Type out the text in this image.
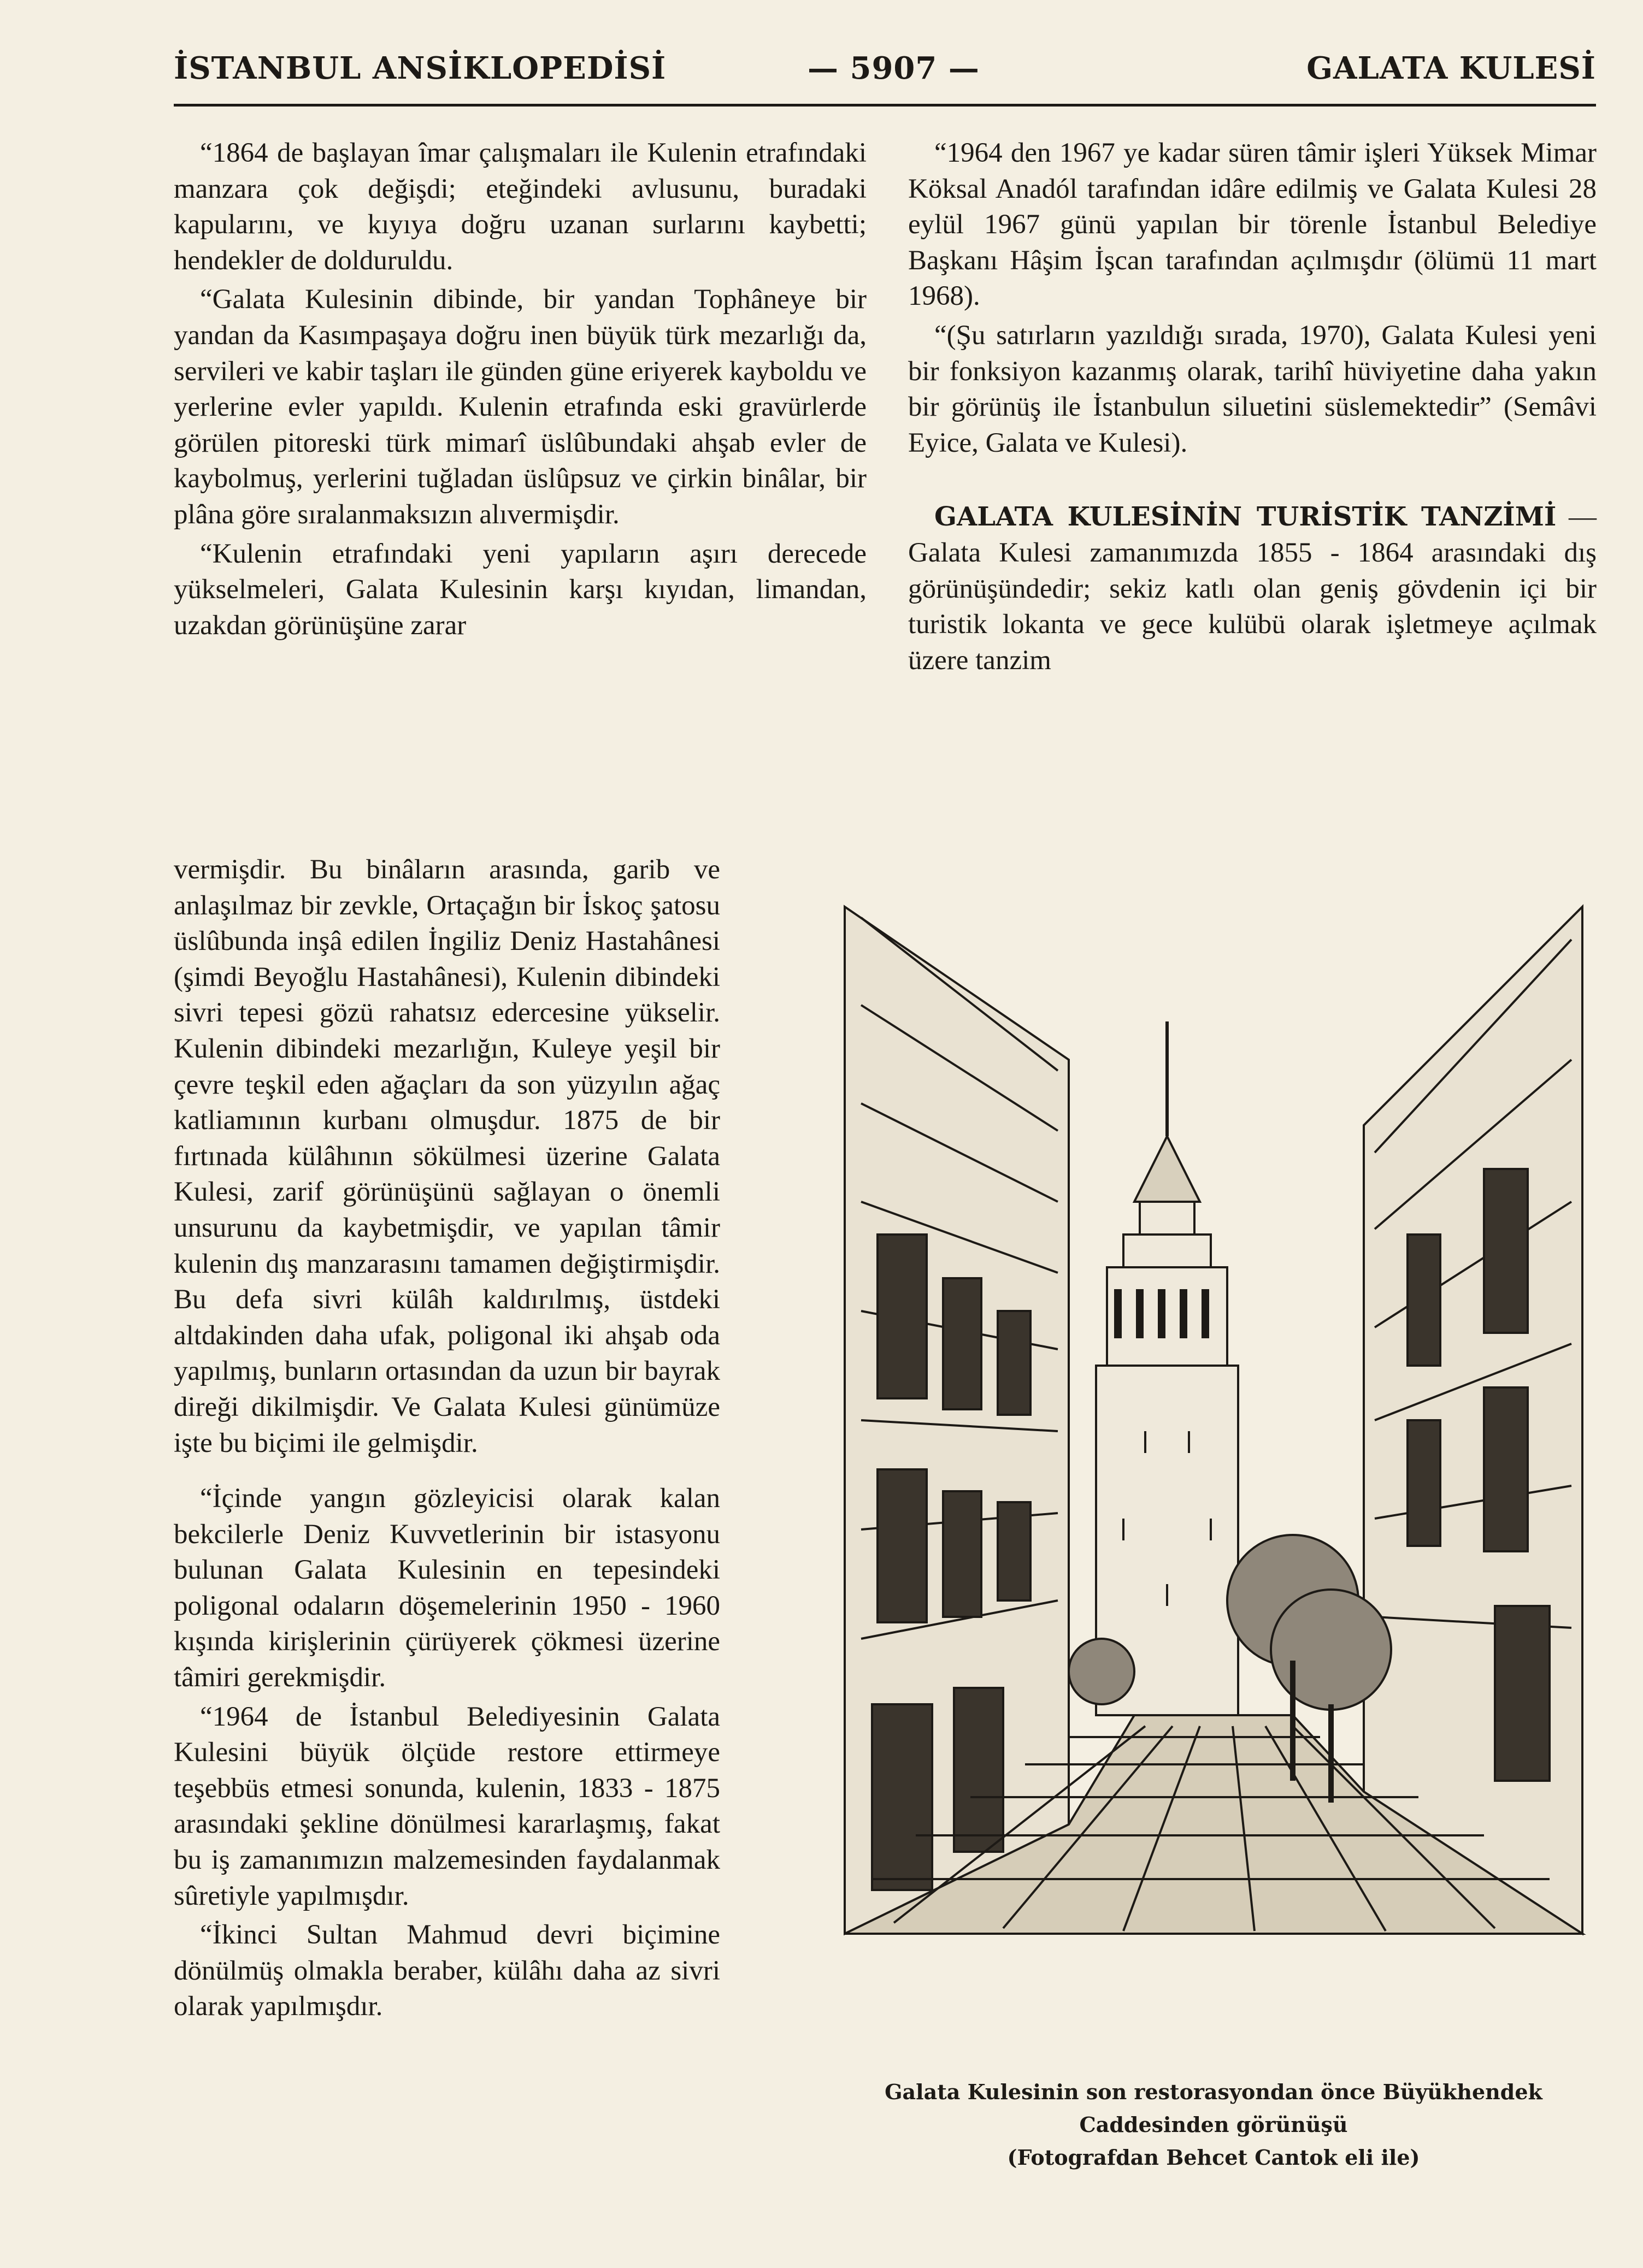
İSTANBUL ANSİKLOPEDİSİ	— 5907 —	GALATA KULESİ

“1864 de başlayan îmar çalışmaları ile Kulenin etrafındaki manzara çok değişdi; eteğindeki avlusunu, buradaki kapularını, ve kıyıya doğru uzanan surlarını kaybetti; hendekler de dolduruldu.

“Galata Kulesinin dibinde, bir yandan Tophâneye bir yandan da Kasımpaşaya doğru inen büyük türk mezarlığı da, servileri ve kabir taşları ile günden güne eriyerek kayboldu ve yerlerine evler yapıldı. Kulenin etrafında eski gravürlerde görülen pitoreski türk mimarî üslûbundaki ahşab evler de kaybolmuş, yerlerini tuğladan üslûpsuz ve çirkin binâlar, bir plâna göre sıralanmaksızın alıvermişdir.

“Kulenin etrafındaki yeni yapıların aşırı derecede yükselmeleri, Galata Kulesinin karşı kıyıdan, limandan, uzakdan görünüşüne zarar

vermişdir. Bu binâların arasında, garib ve anlaşılmaz bir zevkle, Ortaçağın bir İskoç şatosu üslûbunda inşâ edilen İngiliz Deniz Hastahânesi (şimdi Beyoğlu Hastahânesi), Kulenin dibindeki sivri tepesi gözü rahatsız edercesine yükselir. Kulenin dibindeki mezarlığın, Kuleye yeşil bir çevre teşkil eden ağaçları da son yüzyılın ağaç katliamının kurbanı olmuşdur. 1875 de bir fırtınada külâhının sökülmesi üzerine Galata Kulesi, zarif görünüşünü sağlayan o önemli unsurunu da kaybetmişdir, ve yapılan tâmir kulenin dış manzarasını tamamen değiştirmişdir. Bu defa sivri külâh kaldırılmış, üstdeki altdakinden daha ufak, poligonal iki ahşab oda yapılmış, bunların ortasından da uzun bir bayrak direği dikilmişdir. Ve Galata Kulesi günümüze işte bu biçimi ile gelmişdir.

“İçinde yangın gözleyicisi olarak kalan bekcilerle Deniz Kuvvetlerinin bir istasyonu bulunan Galata Kulesinin en tepesindeki poligonal odaların döşemelerinin 1950 - 1960 kışında kirişlerinin çürüyerek çökmesi üzerine tâmiri gerekmişdir.

“1964 de İstanbul Belediyesinin Galata Kulesini büyük ölçüde restore ettirmeye teşebbüs etmesi sonunda, kulenin, 1833 - 1875 arasındaki şekline dönülmesi kararlaşmış, fakat bu iş zamanımızın malzemesinden faydalanmak sûretiyle yapılmışdır.

“İkinci Sultan Mahmud devri biçimine dönülmüş olmakla beraber, külâhı daha az sivri olarak yapılmışdır.

“1964 den 1967 ye kadar süren tâmir işleri Yüksek Mimar Köksal Anadól tarafından idâre edilmiş ve Galata Kulesi 28 eylül 1967 günü yapılan bir törenle İstanbul Belediye Başkanı Hâşim İşcan tarafından açılmışdır (ölümü 11 mart 1968).

“(Şu satırların yazıldığı sırada, 1970), Galata Kulesi yeni bir fonksiyon kazanmış olarak, tarihî hüviyetine daha yakın bir görünüş ile İstanbulun siluetini süslemektedir” (Semâvi Eyice, Galata ve Kulesi).

GALATA KULESİNİN TURİSTİK TANZİMİ — Galata Kulesi zamanımızda 1855 - 1864 arasındaki dış görünüşündedir; sekiz katlı olan geniş gövdenin içi bir turistik lokanta ve gece kulübü olarak işletmeye açılmak üzere tanzim

Galata Kulesinin son restorasyondan önce Büyükhendek
Caddesinden görünüşü
(Fotografdan Behcet Cantok eli ile)
